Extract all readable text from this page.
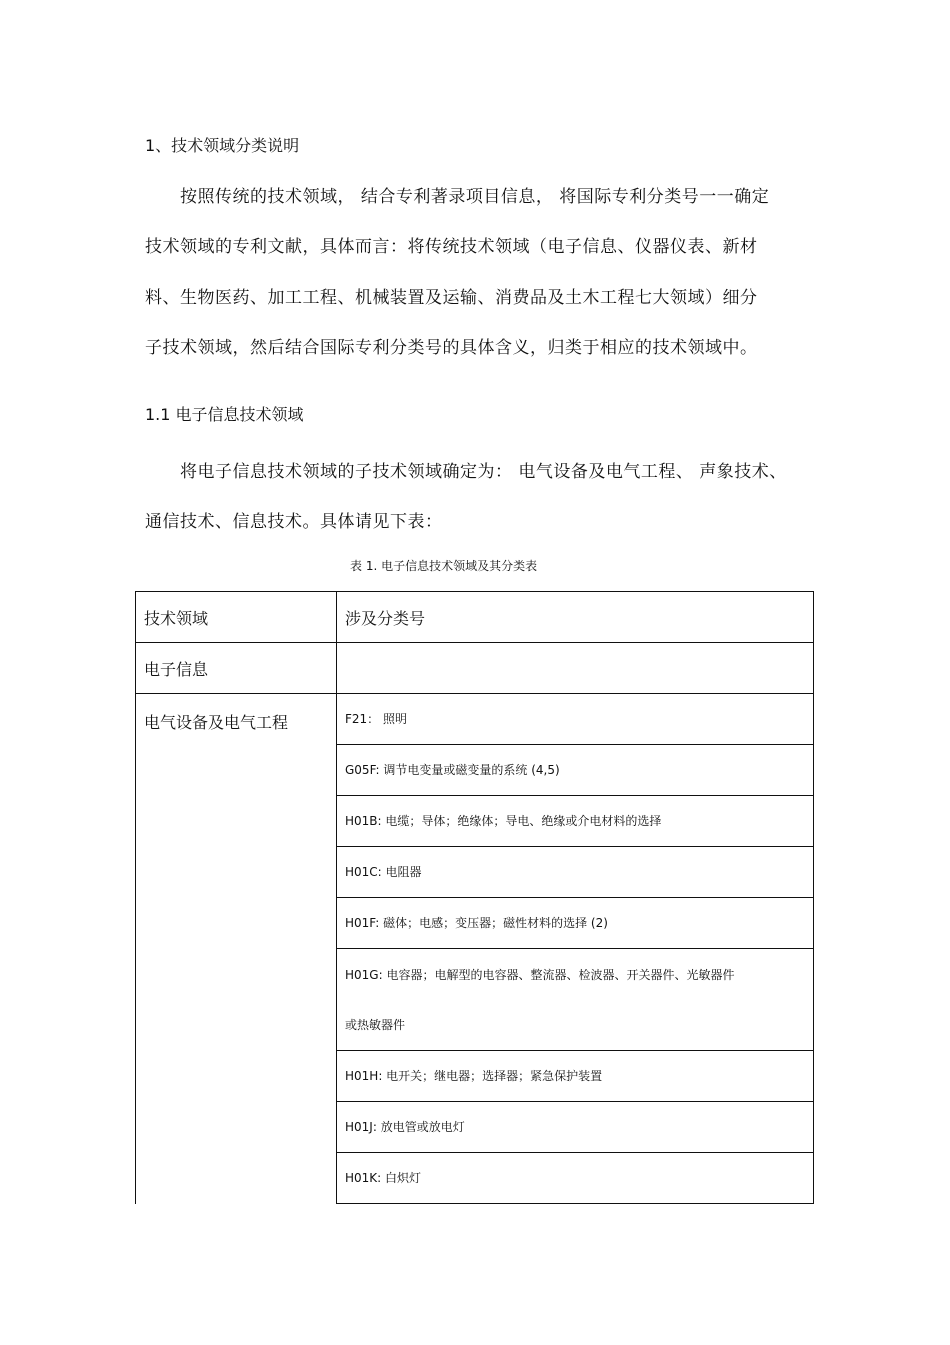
1、技术领域分类说明
按照传统的技术领域， 结合专利著录项目信息， 将国际专利分类号一一确定
技术领域的专利文献，具体而言：将传统技术领域（电子信息、仪器仪表、新材
料、生物医药、加工工程、机械装置及运输、消费品及土木工程七大领域）细分
子技术领域，然后结合国际专利分类号的具体含义，归类于相应的技术领域中。
1.1 电子信息技术领域
将电子信息技术领域的子技术领域确定为： 电气设备及电气工程、 声象技术、
通信技术、信息技术。具体请见下表：
表 1. 电子信息技术领域及其分类表
技术领域	涉及分类号
电子信息	
电气设备及电气工程	F21： 照明
	G05F: 调节电变量或磁变量的系统 (4,5)
	H01B: 电缆；导体；绝缘体；导电、绝缘或介电材料的选择
	H01C: 电阻器
	H01F: 磁体；电感；变压器；磁性材料的选择 (2)

	H01G: 电容器；电解型的电容器、整流器、检波器、开关器件、光敏器件
或热敏器件

	H01H: 电开关；继电器；选择器；紧急保护装置
	H01J: 放电管或放电灯
	H01K: 白炽灯
